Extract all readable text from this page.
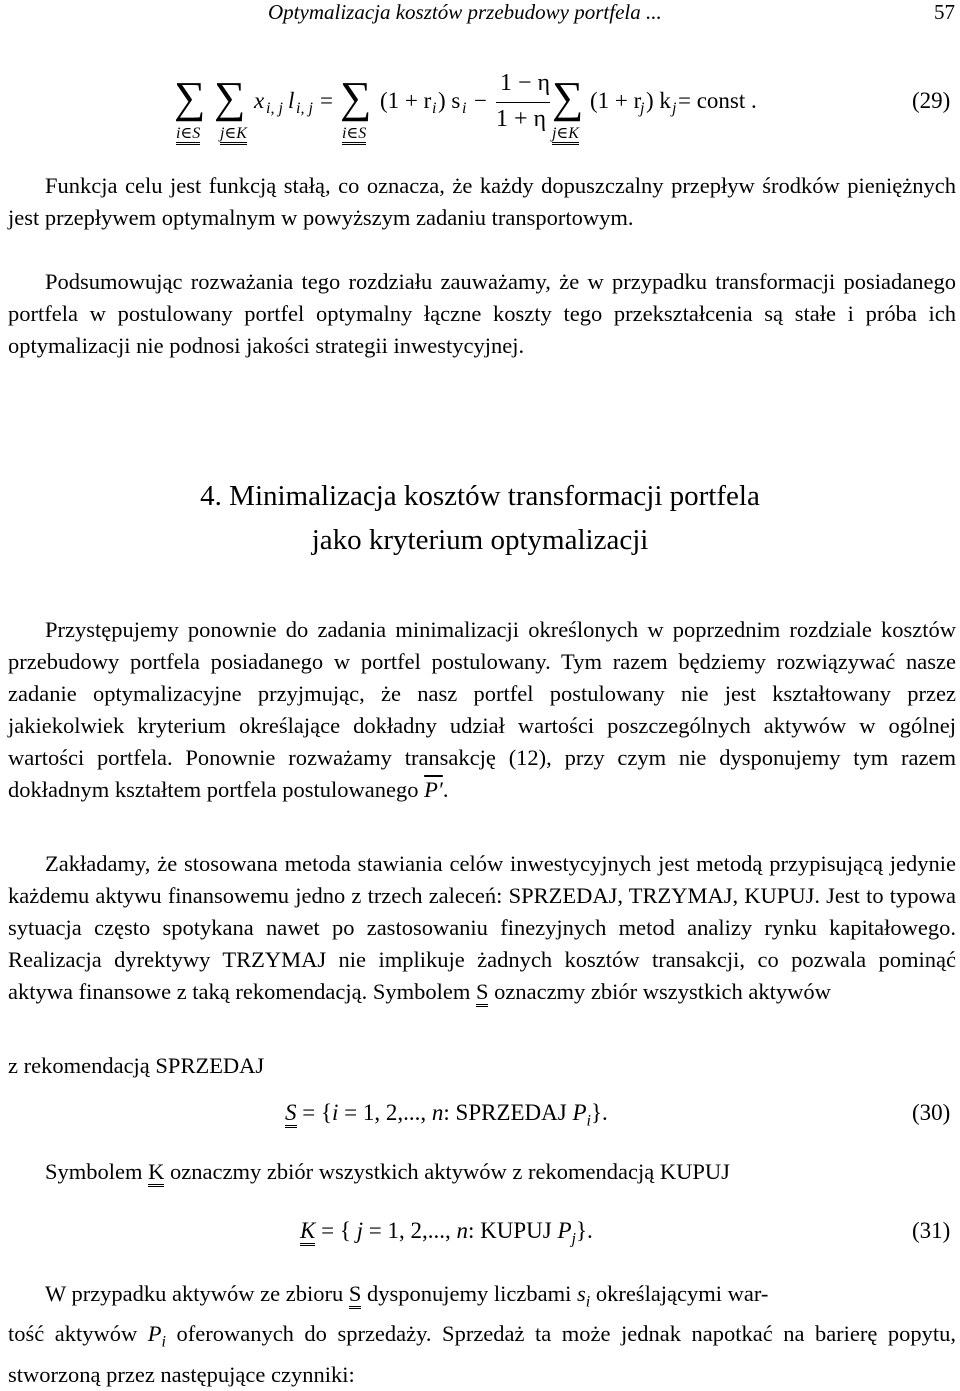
Optymalizacja kosztów przebudowy portfela ...	57
∑ ∑
i∈S j∈K
x i, j l i, j = ∑
i∈S
(1 + r i ) s i −
1 − η
1 + η ∑
j∈K
(1 + r
j ) k j = const .	(29)
Funkcja celu jest funkcją stałą, co oznacza, że każdy dopuszczalny przepływ środków pieniężnych jest przepływem optymalnym w powyższym zadaniu transportowym.
Podsumowując rozważania tego rozdziału zauważamy, że w przypadku transformacji posiadanego portfela w postulowany portfel optymalny łączne koszty tego przekształcenia są stałe i próba ich optymalizacji nie podnosi jakości strategii inwestycyjnej.
4. Minimalizacja kosztów transformacji portfela
jako kryterium optymalizacji
Przystępujemy ponownie do zadania minimalizacji określonych w poprzednim rozdziale kosztów przebudowy portfela posiadanego w portfel postulowany. Tym razem będziemy rozwiązywać nasze zadanie optymalizacyjne przyjmując, że nasz portfel postulowany nie jest kształtowany przez jakiekolwiek kryterium określające dokładny udział wartości poszczególnych aktywów w ogólnej wartości portfela. Ponownie rozważamy transakcję (12), przy czym nie dysponujemy tym razem dokładnym kształtem portfela postulowanego P′.
Zakładamy, że stosowana metoda stawiania celów inwestycyjnych jest metodą przypisującą jedynie każdemu aktywu finansowemu jedno z trzech zaleceń: SPRZEDAJ, TRZYMAJ, KUPUJ. Jest to typowa sytuacja często spotykana nawet po zastosowaniu finezyjnych metod analizy rynku kapitałowego. Realizacja dyrektywy TRZYMAJ nie implikuje żadnych kosztów transakcji, co pozwala pominąć aktywa finansowe z taką rekomendacją. Symbolem S oznaczmy zbiór wszystkich aktywów
z rekomendacją SPRZEDAJ
S = {i = 1, 2,..., n: SPRZEDAJ $P_i$}.	(30)
Symbolem K oznaczmy zbiór wszystkich aktywów z rekomendacją KUPUJ
K = { j = 1, 2,..., n: KUPUJ $P_j$}.	(31)
W przypadku aktywów ze zbioru S dysponujemy liczbami $s_i$ określającymi war-
tość aktywów $P_i$ oferowanych do sprzedaży. Sprzedaż ta może jednak napotkać na barierę popytu, stworzoną przez następujące czynniki:
